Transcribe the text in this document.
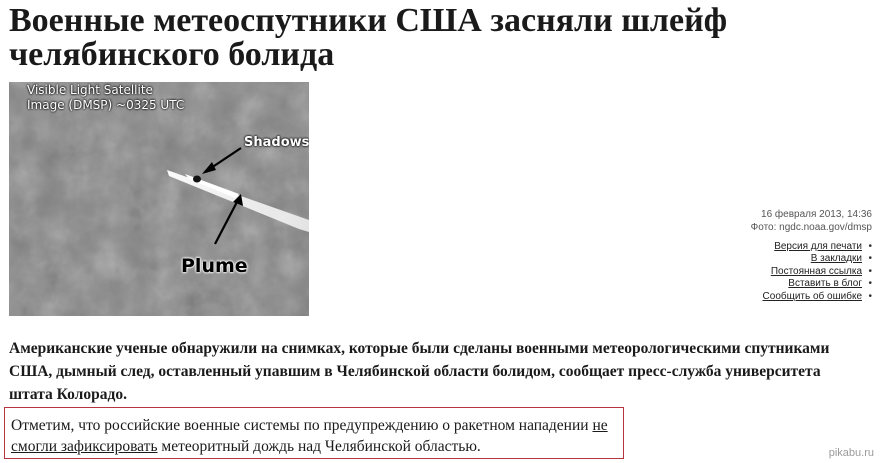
Военные метеоспутники США засняли шлейф челябинского болида
Visible Light Satellite
Image (DMSP) ~0325 UTC
Shadows
Plume
16 февраля 2013, 14:36
Фото: ngdc.noaa.gov/dmsp
Версия для печати •
В закладки •
Постоянная ссылка •
Вставить в блог •
Сообщить об ошибке •

Американские ученые обнаружили на снимках, которые были сделаны военными метеорологическими спутниками США, дымный след, оставленный упавшим в Челябинской области болидом, сообщает пресс-служба университета штата Колорадо.

Отметим, что российские военные системы по предупреждению о ракетном нападении не смогли зафиксировать метеоритный дождь над Челябинской областью.	pikabu.ru
